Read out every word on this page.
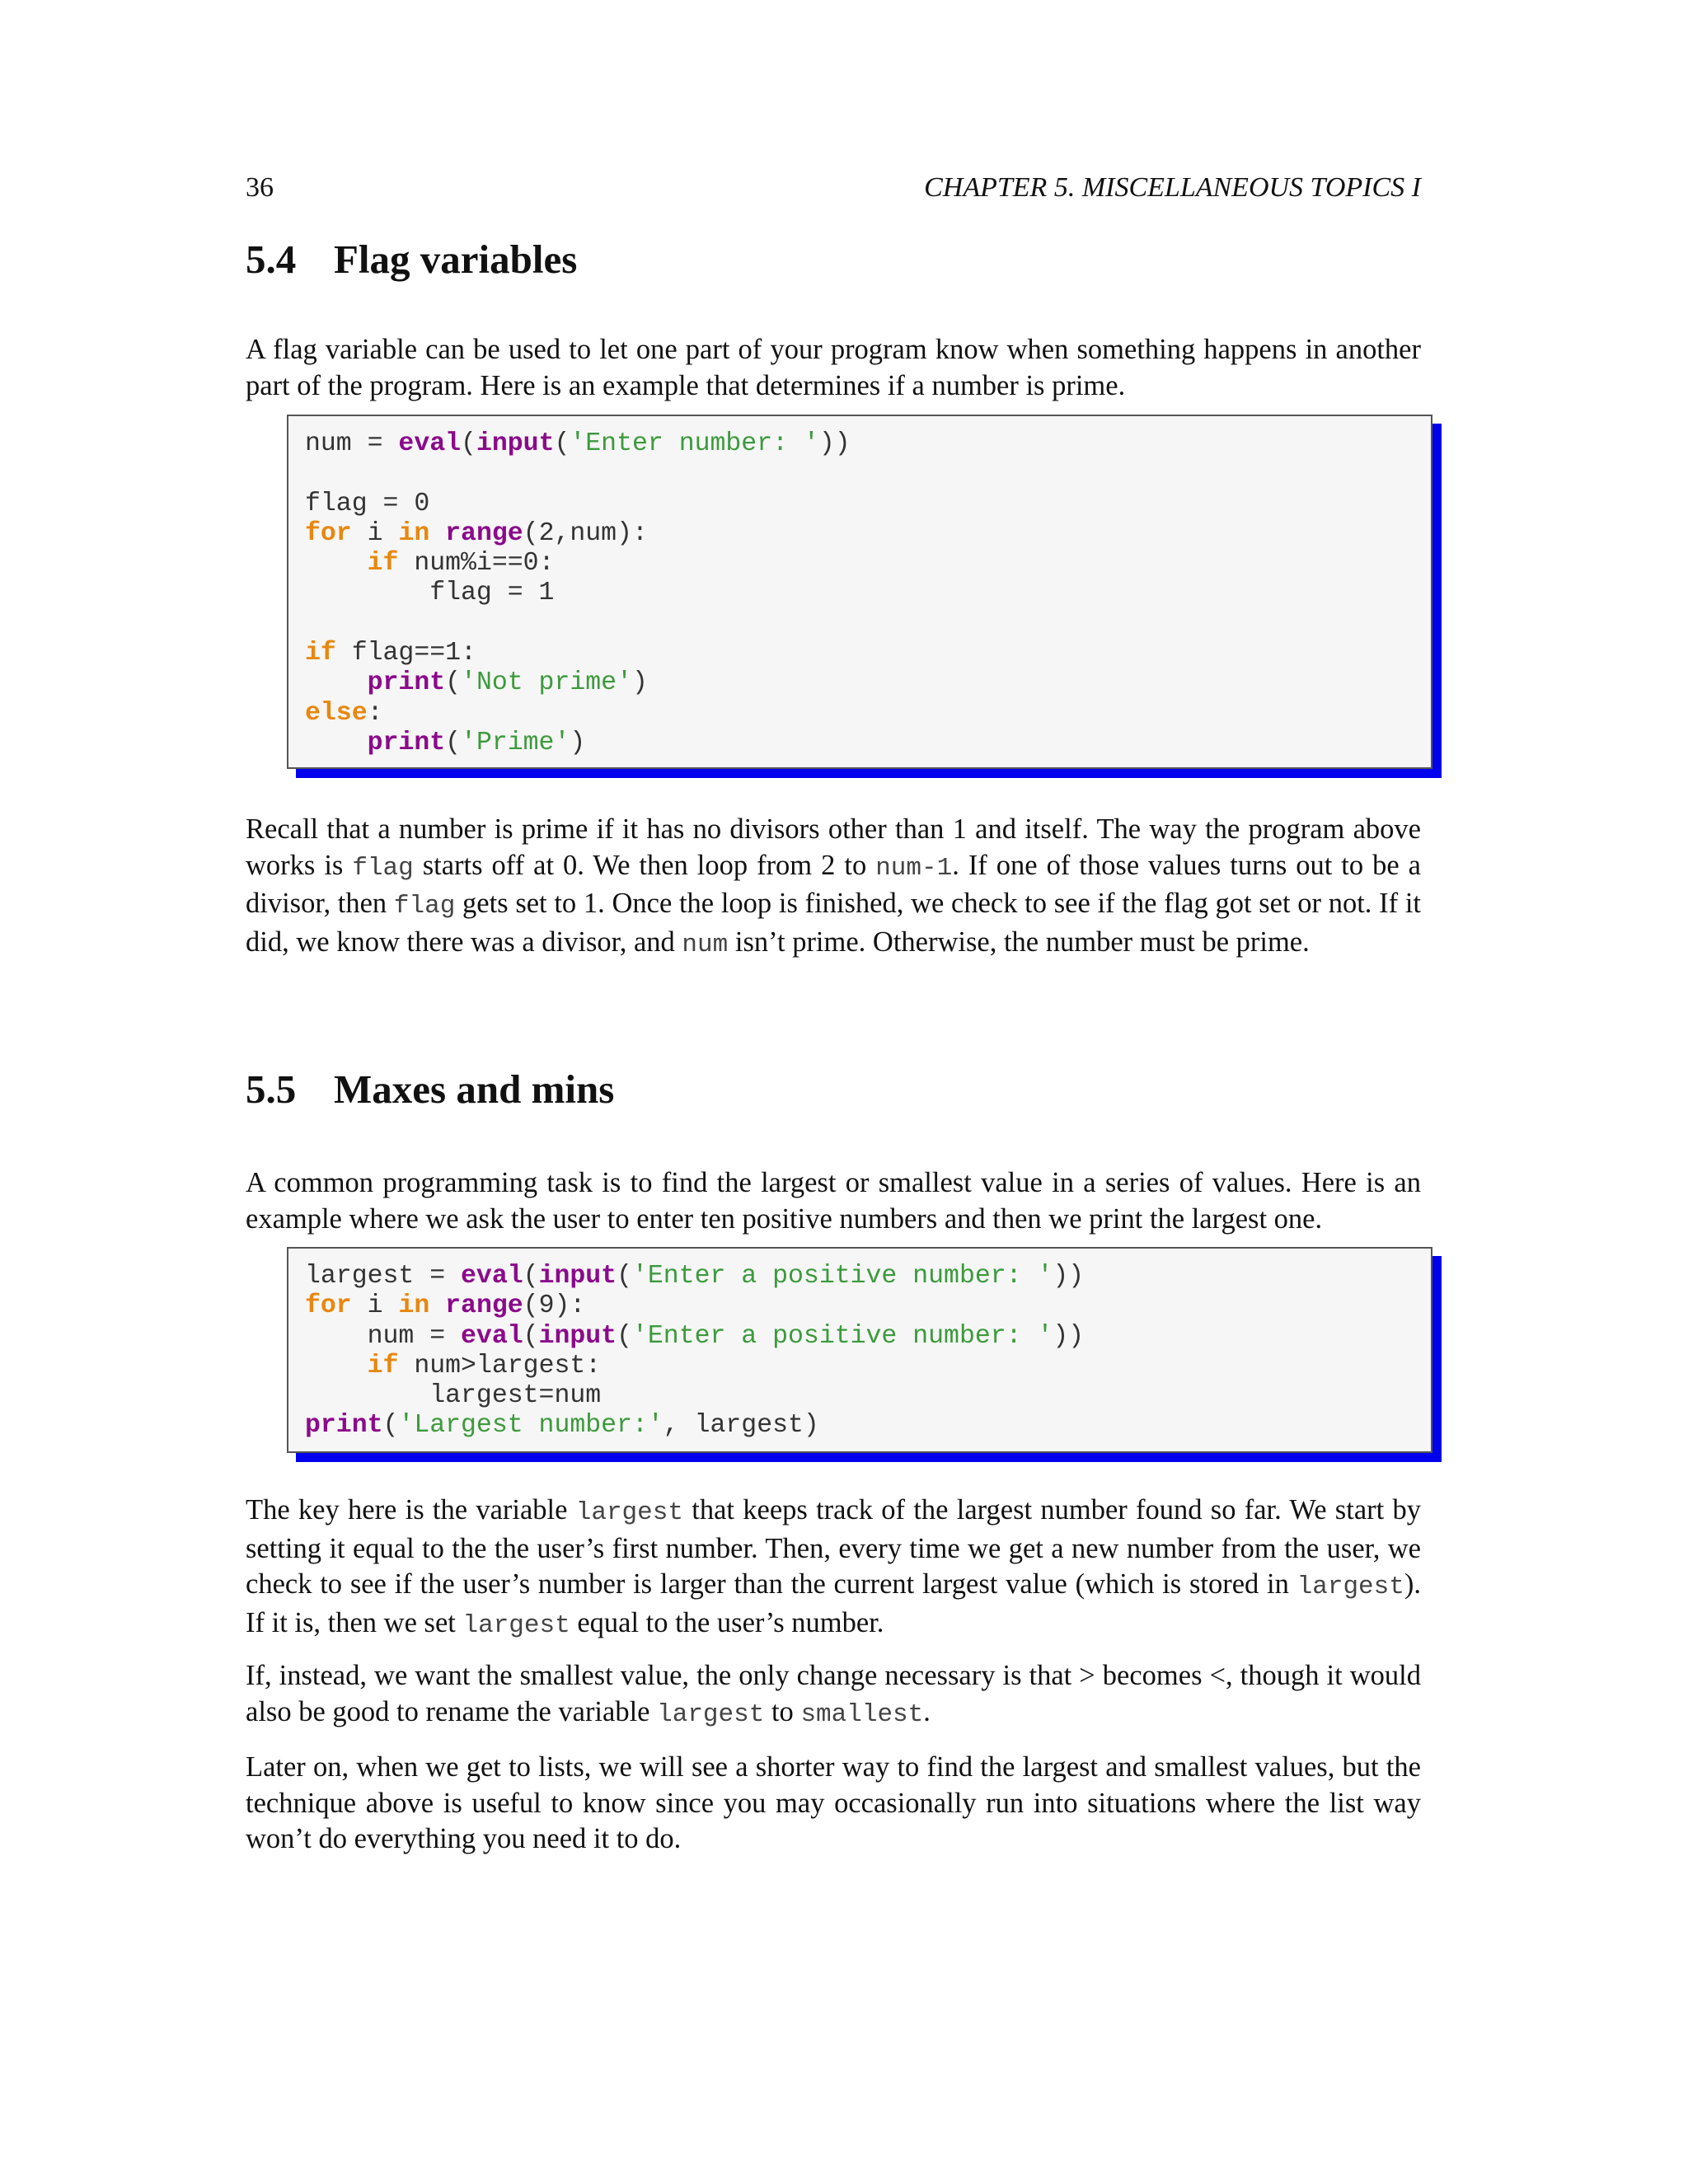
36	CHAPTER 5. MISCELLANEOUS TOPICS I
5.4 Flag variables

A flag variable can be used to let one part of your program know when something happens in another part of the program. Here is an example that determines if a number is prime.

num = eval(input('Enter number: '))
flag = 0
for i in range(2,num):
if num%i==0:
flag = 1
if flag==1:
print('Not prime')
else:
print('Prime')

Recall that a number is prime if it has no divisors other than 1 and itself. The way the program above works is flag starts off at 0. We then loop from 2 to num-1. If one of those values turns out to be a divisor, then flag gets set to 1. Once the loop is finished, we check to see if the flag got set or not. If it did, we know there was a divisor, and num isn’t prime. Otherwise, the number must be prime.

5.5 Maxes and mins

A common programming task is to find the largest or smallest value in a series of values. Here is an example where we ask the user to enter ten positive numbers and then we print the largest one.

largest = eval(input('Enter a positive number: '))
for i in range(9):
num = eval(input('Enter a positive number: '))
if num>largest:
largest=num
print('Largest number:', largest)

The key here is the variable largest that keeps track of the largest number found so far. We start by setting it equal to the the user’s first number. Then, every time we get a new number from the user, we check to see if the user’s number is larger than the current largest value (which is stored in largest). If it is, then we set largest equal to the user’s number.

If, instead, we want the smallest value, the only change necessary is that > becomes <, though it would also be good to rename the variable largest to smallest.

Later on, when we get to lists, we will see a shorter way to find the largest and smallest values, but the technique above is useful to know since you may occasionally run into situations where the list way won’t do everything you need it to do.
